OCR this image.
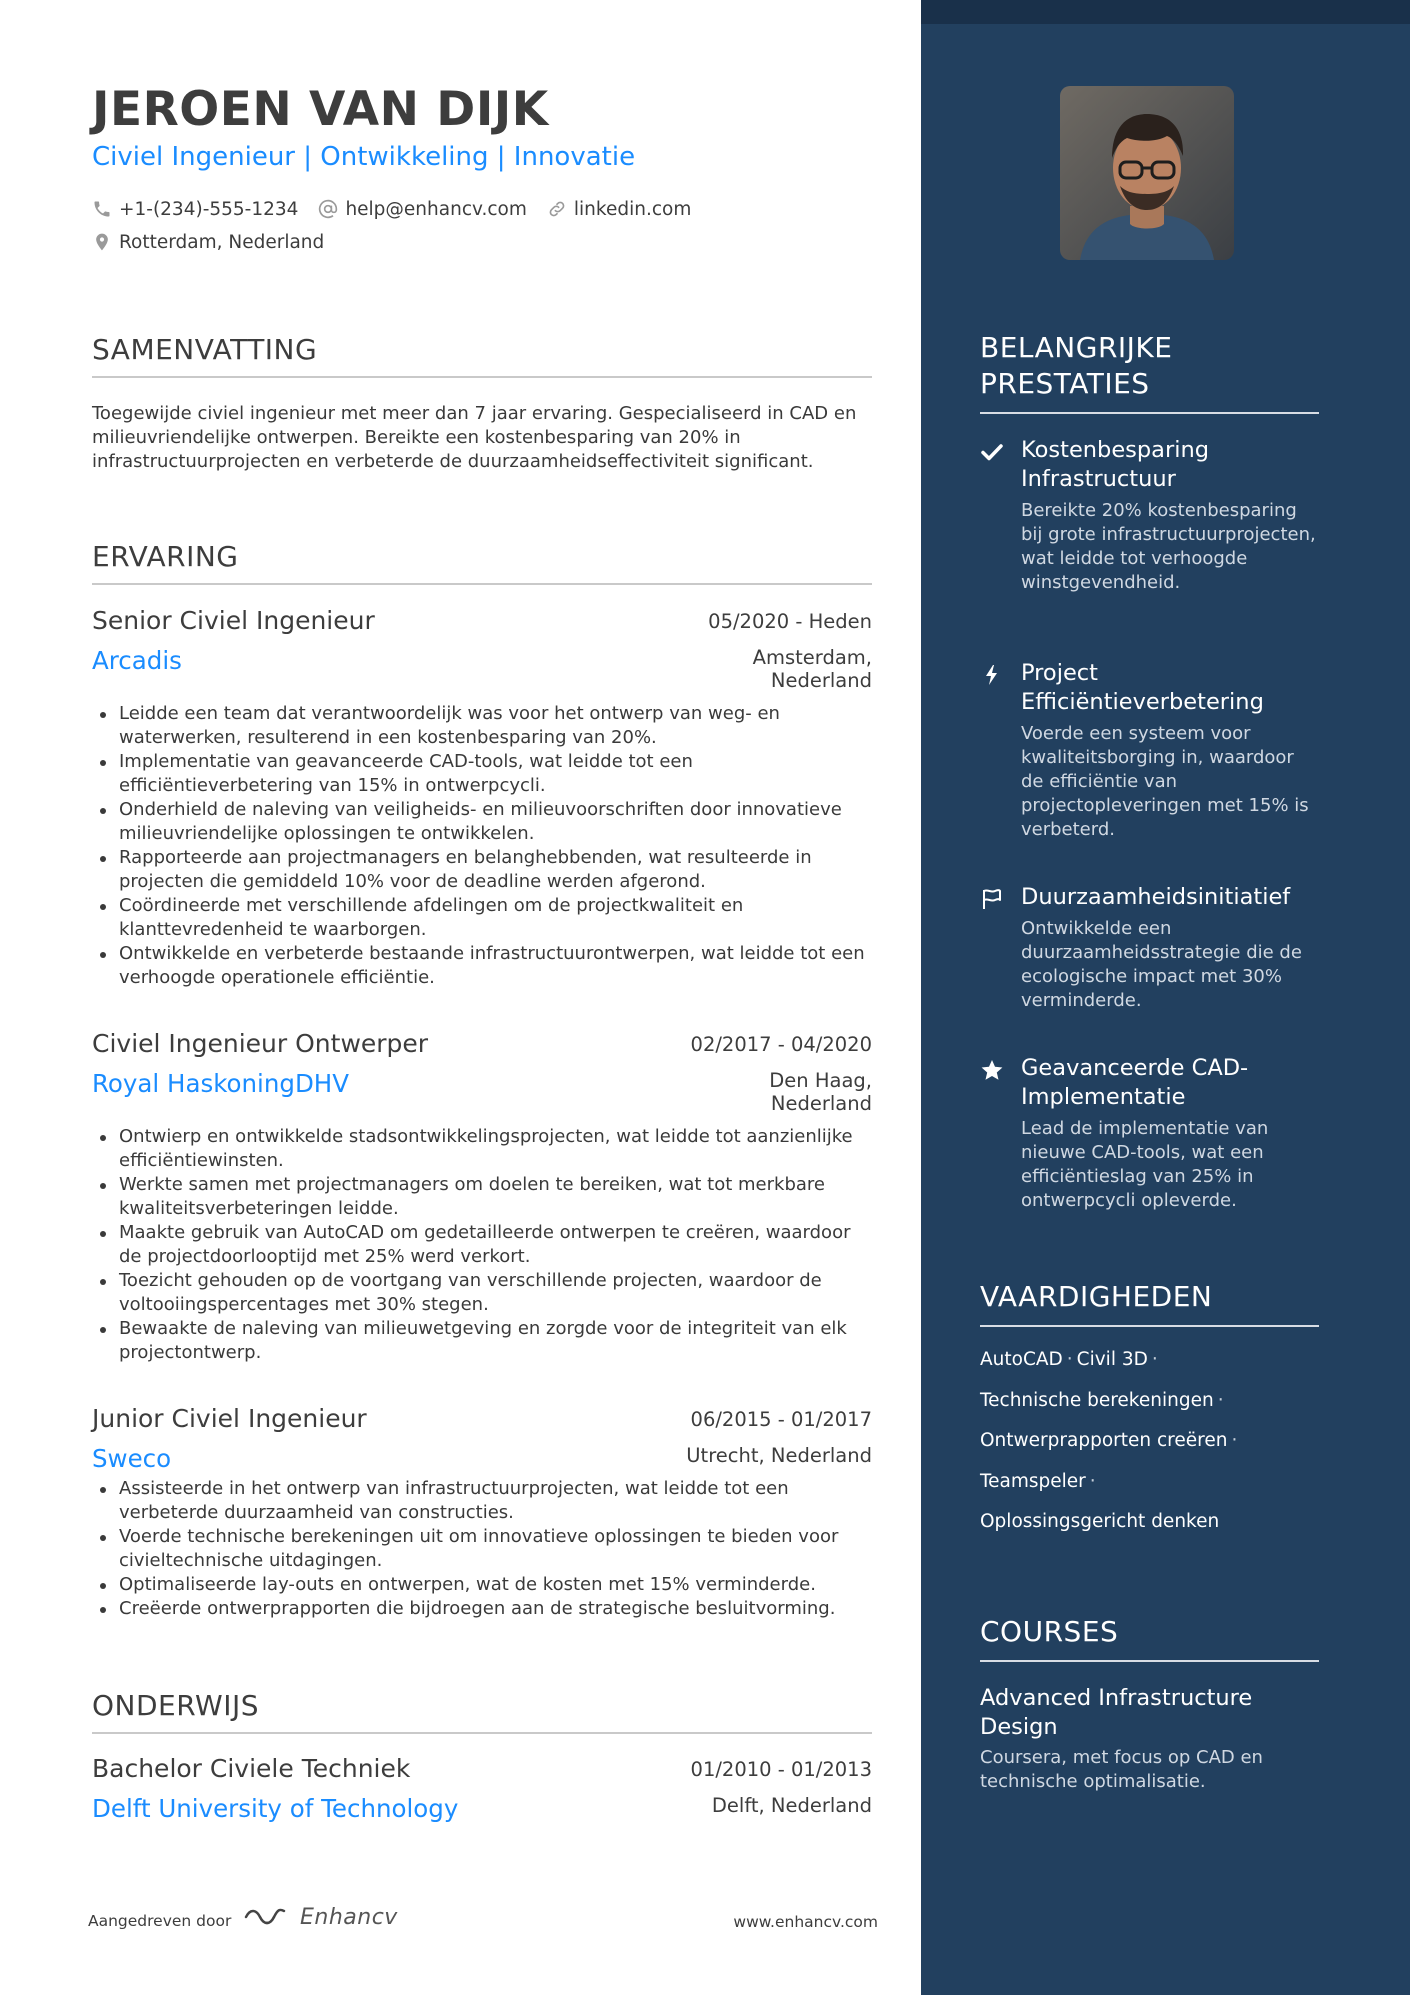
JEROEN VAN DIJK
Civiel Ingenieur | Ontwikkeling | Innovatie
+1-(234)-555-1234	help@enhancv.com	linkedin.com
Rotterdam, Nederland
SAMENVATTING
Toegewijde civiel ingenieur met meer dan 7 jaar ervaring. Gespecialiseerd in CAD en milieuvriendelijke ontwerpen. Bereikte een kostenbesparing van 20% in infrastructuurprojecten en verbeterde de duurzaamheidseffectiviteit significant.
ERVARING
Senior Civiel Ingenieur	05/2020 - Heden
Arcadis	Amsterdam, Nederland
Leidde een team dat verantwoordelijk was voor het ontwerp van weg- en waterwerken, resulterend in een kostenbesparing van 20%.
Implementatie van geavanceerde CAD-tools, wat leidde tot een efficiëntieverbetering van 15% in ontwerpcycli.
Onderhield de naleving van veiligheids- en milieuvoorschriften door innovatieve milieuvriendelijke oplossingen te ontwikkelen.
Rapporteerde aan projectmanagers en belanghebbenden, wat resulteerde in projecten die gemiddeld 10% voor de deadline werden afgerond.
Coördineerde met verschillende afdelingen om de projectkwaliteit en klanttevredenheid te waarborgen.
Ontwikkelde en verbeterde bestaande infrastructuurontwerpen, wat leidde tot een verhoogde operationele efficiëntie.
Civiel Ingenieur Ontwerper	02/2017 - 04/2020
Royal HaskoningDHV	Den Haag, Nederland
Ontwierp en ontwikkelde stadsontwikkelingsprojecten, wat leidde tot aanzienlijke efficiëntiewinsten.
Werkte samen met projectmanagers om doelen te bereiken, wat tot merkbare kwaliteitsverbeteringen leidde.
Maakte gebruik van AutoCAD om gedetailleerde ontwerpen te creëren, waardoor de projectdoorlooptijd met 25% werd verkort.
Toezicht gehouden op de voortgang van verschillende projecten, waardoor de voltooiingspercentages met 30% stegen.
Bewaakte de naleving van milieuwetgeving en zorgde voor de integriteit van elk projectontwerp.
Junior Civiel Ingenieur	06/2015 - 01/2017
Sweco	Utrecht, Nederland
Assisteerde in het ontwerp van infrastructuurprojecten, wat leidde tot een verbeterde duurzaamheid van constructies.
Voerde technische berekeningen uit om innovatieve oplossingen te bieden voor civieltechnische uitdagingen.
Optimaliseerde lay-outs en ontwerpen, wat de kosten met 15% verminderde.
Creëerde ontwerprapporten die bijdroegen aan de strategische besluitvorming.
ONDERWIJS
Bachelor Civiele Techniek	01/2010 - 01/2013
Delft University of Technology	Delft, Nederland
Aangedreven door	Enhancv	www.enhancv.com
BELANGRIJKE PRESTATIES
Kostenbesparing Infrastructuur
Bereikte 20% kostenbesparing bij grote infrastructuurprojecten, wat leidde tot verhoogde winstgevendheid.
Project Efficiëntieverbetering
Voerde een systeem voor kwaliteitsborging in, waardoor de efficiëntie van projectopleveringen met 15% is verbeterd.
Duurzaamheidsinitiatief
Ontwikkelde een duurzaamheidsstrategie die de ecologische impact met 30% verminderde.
Geavanceerde CAD-Implementatie
Lead de implementatie van nieuwe CAD-tools, wat een efficiëntieslag van 25% in ontwerpcycli opleverde.
VAARDIGHEDEN
AutoCAD · Civil 3D ·
Technische berekeningen ·
Ontwerprapporten creëren ·
Teamspeler ·
Oplossingsgericht denken
COURSES
Advanced Infrastructure Design
Coursera, met focus op CAD en technische optimalisatie.
